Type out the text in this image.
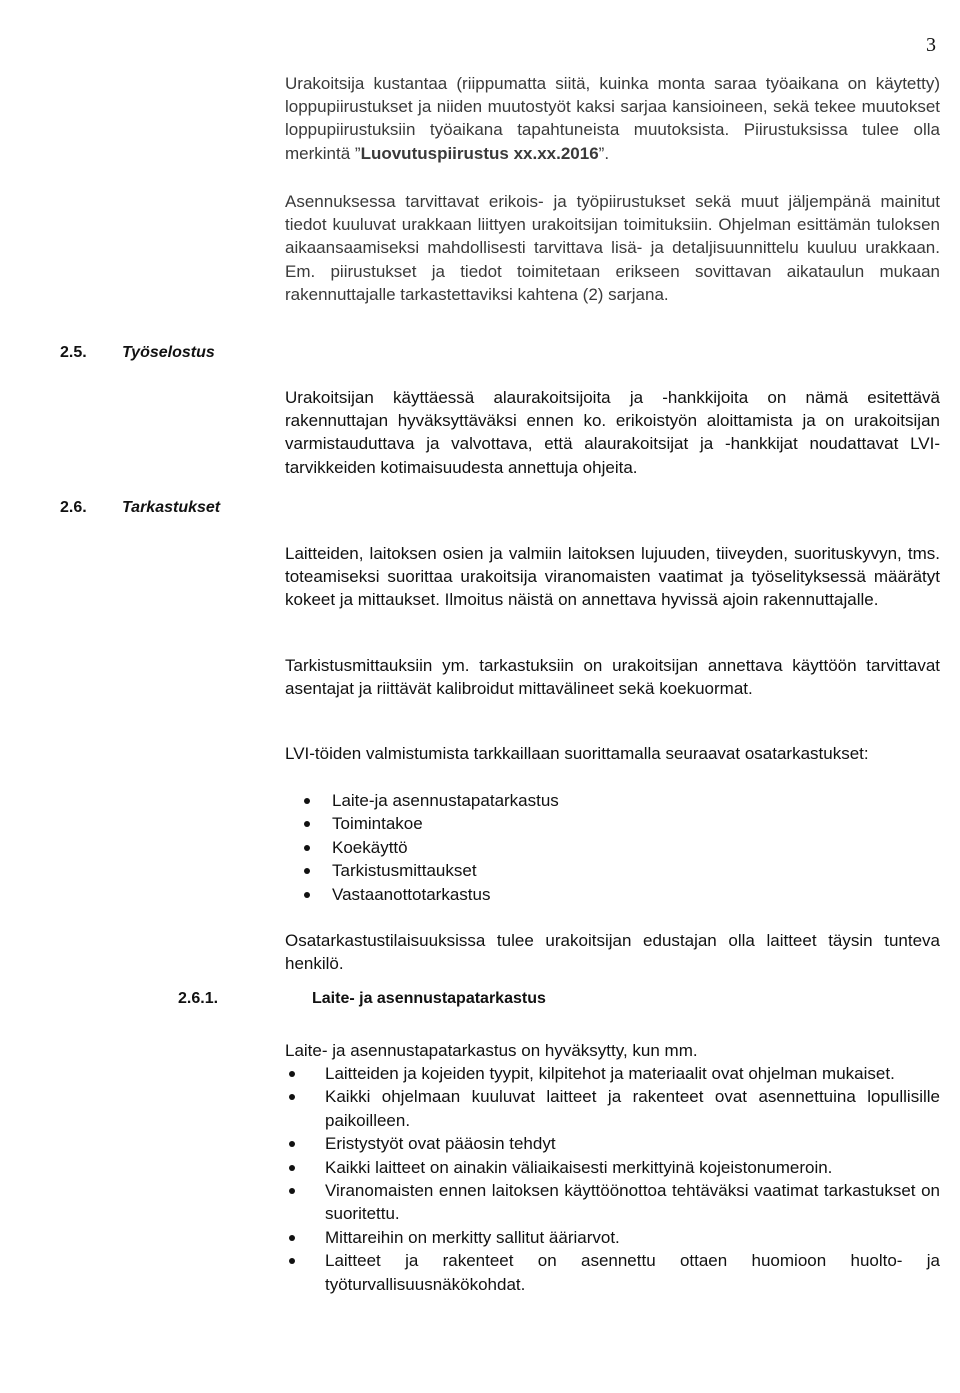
3

Urakoitsija kustantaa (riippumatta siitä, kuinka monta saraa työaikana on käytetty) loppupiirustukset ja niiden muutostyöt kaksi sarjaa kansioineen, sekä tekee muutokset loppupiirustuksiin työaikana tapahtuneista muutoksista. Piirustuksissa tulee olla merkintä ”Luovutuspiirustus xx.xx.2016”.

Asennuksessa tarvittavat erikois- ja työpiirustukset sekä muut jäljempänä mainitut tiedot kuuluvat urakkaan liittyen urakoitsijan toimituksiin. Ohjelman esittämän tuloksen aikaansaamiseksi mahdollisesti tarvittava lisä- ja detaljisuunnittelu kuuluu urakkaan. Em. piirustukset ja tiedot toimitetaan erikseen sovittavan aikataulun mukaan rakennuttajalle tarkastettaviksi kahtena (2) sarjana.

2.5. Työselostus

Urakoitsijan käyttäessä alaurakoitsijoita ja -hankkijoita on nämä esitettävä rakennuttajan hyväksyttäväksi ennen ko. erikoistyön aloittamista ja on urakoitsijan varmistauduttava ja valvottava, että alaurakoitsijat ja -hankkijat noudattavat LVI-tarvikkeiden kotimaisuudesta annettuja ohjeita.

2.6. Tarkastukset

Laitteiden, laitoksen osien ja valmiin laitoksen lujuuden, tiiveyden, suorituskyvyn, tms. toteamiseksi suorittaa urakoitsija viranomaisten vaatimat ja työselityksessä määrätyt kokeet ja mittaukset. Ilmoitus näistä on annettava hyvissä ajoin rakennuttajalle.

Tarkistusmittauksiin ym. tarkastuksiin on urakoitsijan annettava käyttöön tarvittavat asentajat ja riittävät kalibroidut mittavälineet sekä koekuormat.

LVI-töiden valmistumista tarkkaillaan suorittamalla seuraavat osatarkastukset:

Laite-ja asennustapatarkastus
Toimintakoe
Koekäyttö
Tarkistusmittaukset
Vastaanottotarkastus

Osatarkastustilaisuuksissa tulee urakoitsijan edustajan olla laitteet täysin tunteva henkilö.

2.6.1.	Laite- ja asennustapatarkastus

Laite- ja asennustapatarkastus on hyväksytty, kun mm.

Laitteiden ja kojeiden tyypit, kilpitehot ja materiaalit ovat ohjelman mukaiset.
Kaikki ohjelmaan kuuluvat laitteet ja rakenteet ovat asennettuina lopullisille paikoilleen.
Eristystyöt ovat pääosin tehdyt
Kaikki laitteet on ainakin väliaikaisesti merkittyinä kojeistonumeroin.
Viranomaisten ennen laitoksen käyttöönottoa tehtäväksi vaatimat tarkastukset on suoritettu.
Mittareihin on merkitty sallitut ääriarvot.
Laitteet ja rakenteet on asennettu ottaen huomioon huolto- ja työturvallisuusnäkökohdat.
